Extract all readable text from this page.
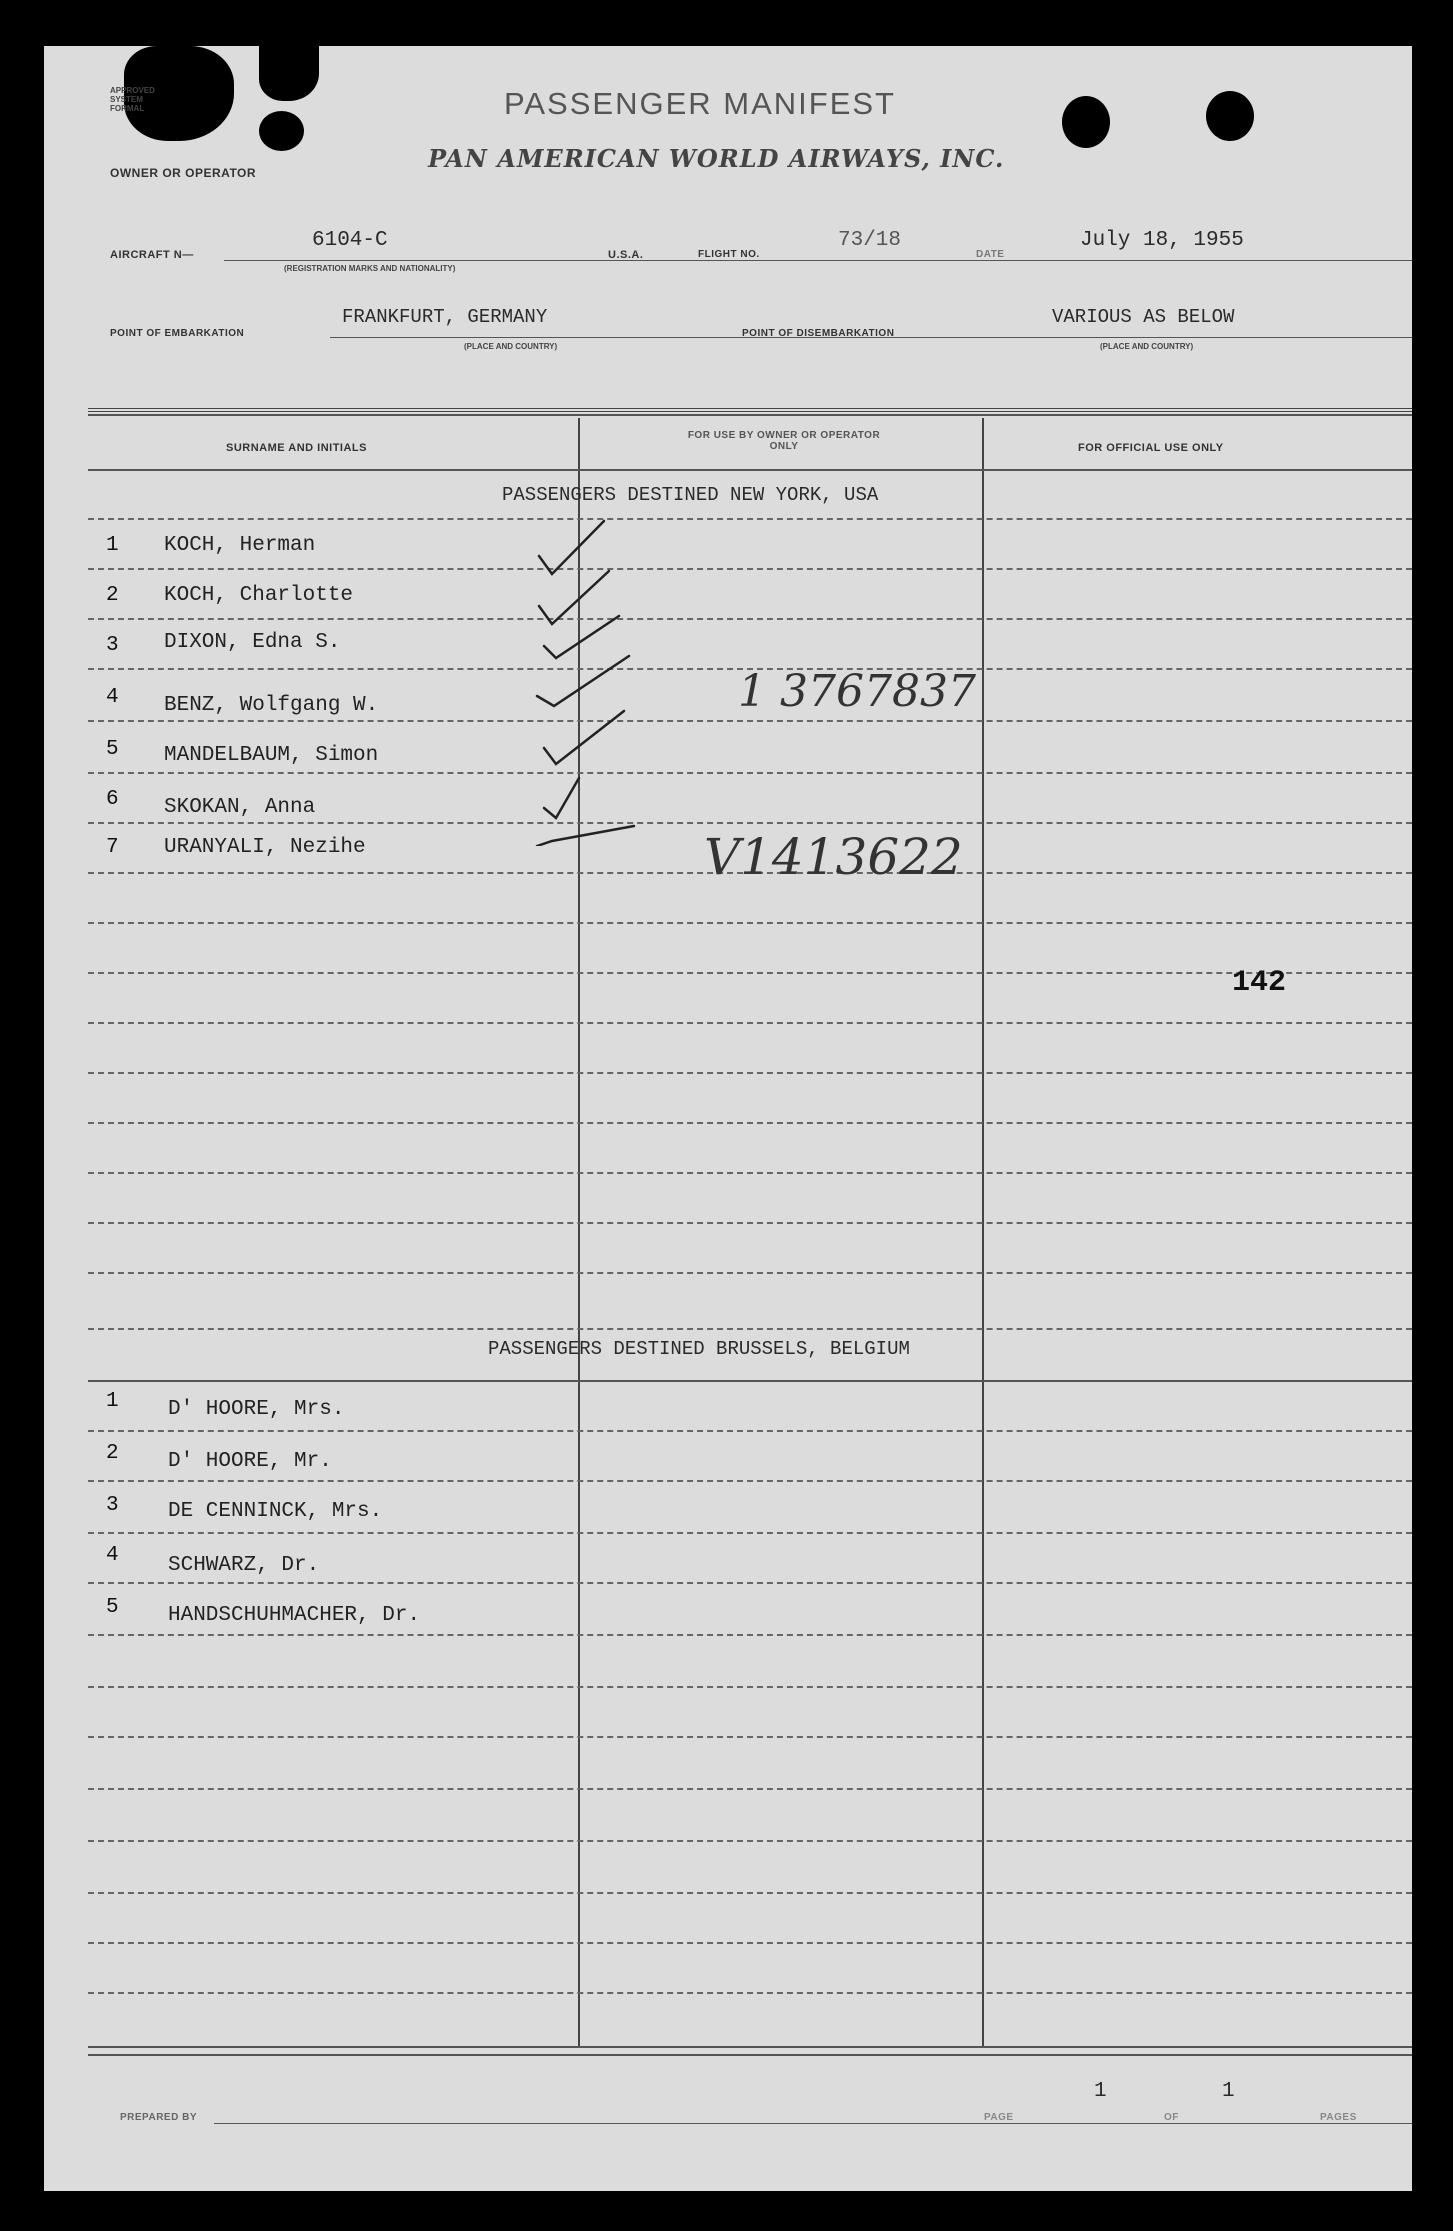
APPROVED
SYSTEM
FORMAL
OWNER OR OPERATOR
PASSENGER MANIFEST
PAN AMERICAN WORLD AIRWAYS, INC.
AIRCRAFT N—
6104-C
(REGISTRATION MARKS AND NATIONALITY)
U.S.A.	FLIGHT NO.
73/18
DATE
July 18, 1955
POINT OF EMBARKATION
FRANKFURT, GERMANY
(PLACE AND COUNTRY)
POINT OF DISEMBARKATION
VARIOUS AS BELOW
(PLACE AND COUNTRY)
SURNAME AND INITIALS
FOR USE BY OWNER OR OPERATOR ONLY	FOR OFFICIAL USE ONLY
PASSENGERS DESTINED NEW YORK, USA
1 KOCH, Herman
2 KOCH, Charlotte
3 DIXON, Edna S.
4 BENZ, Wolfgang W.
5 MANDELBAUM, Simon
6 SKOKAN, Anna
7 URANYALI, Nezihe
1 3767837
V1413622
142
PASSENGERS DESTINED BRUSSELS, BELGIUM
1 D' HOORE, Mrs.
2 D' HOORE, Mr.
3 DE CENNINCK, Mrs.
4 SCHWARZ, Dr.
5 HANDSCHUHMACHER, Dr.
PREPARED BY	PAGE
1
OF
1
PAGES
